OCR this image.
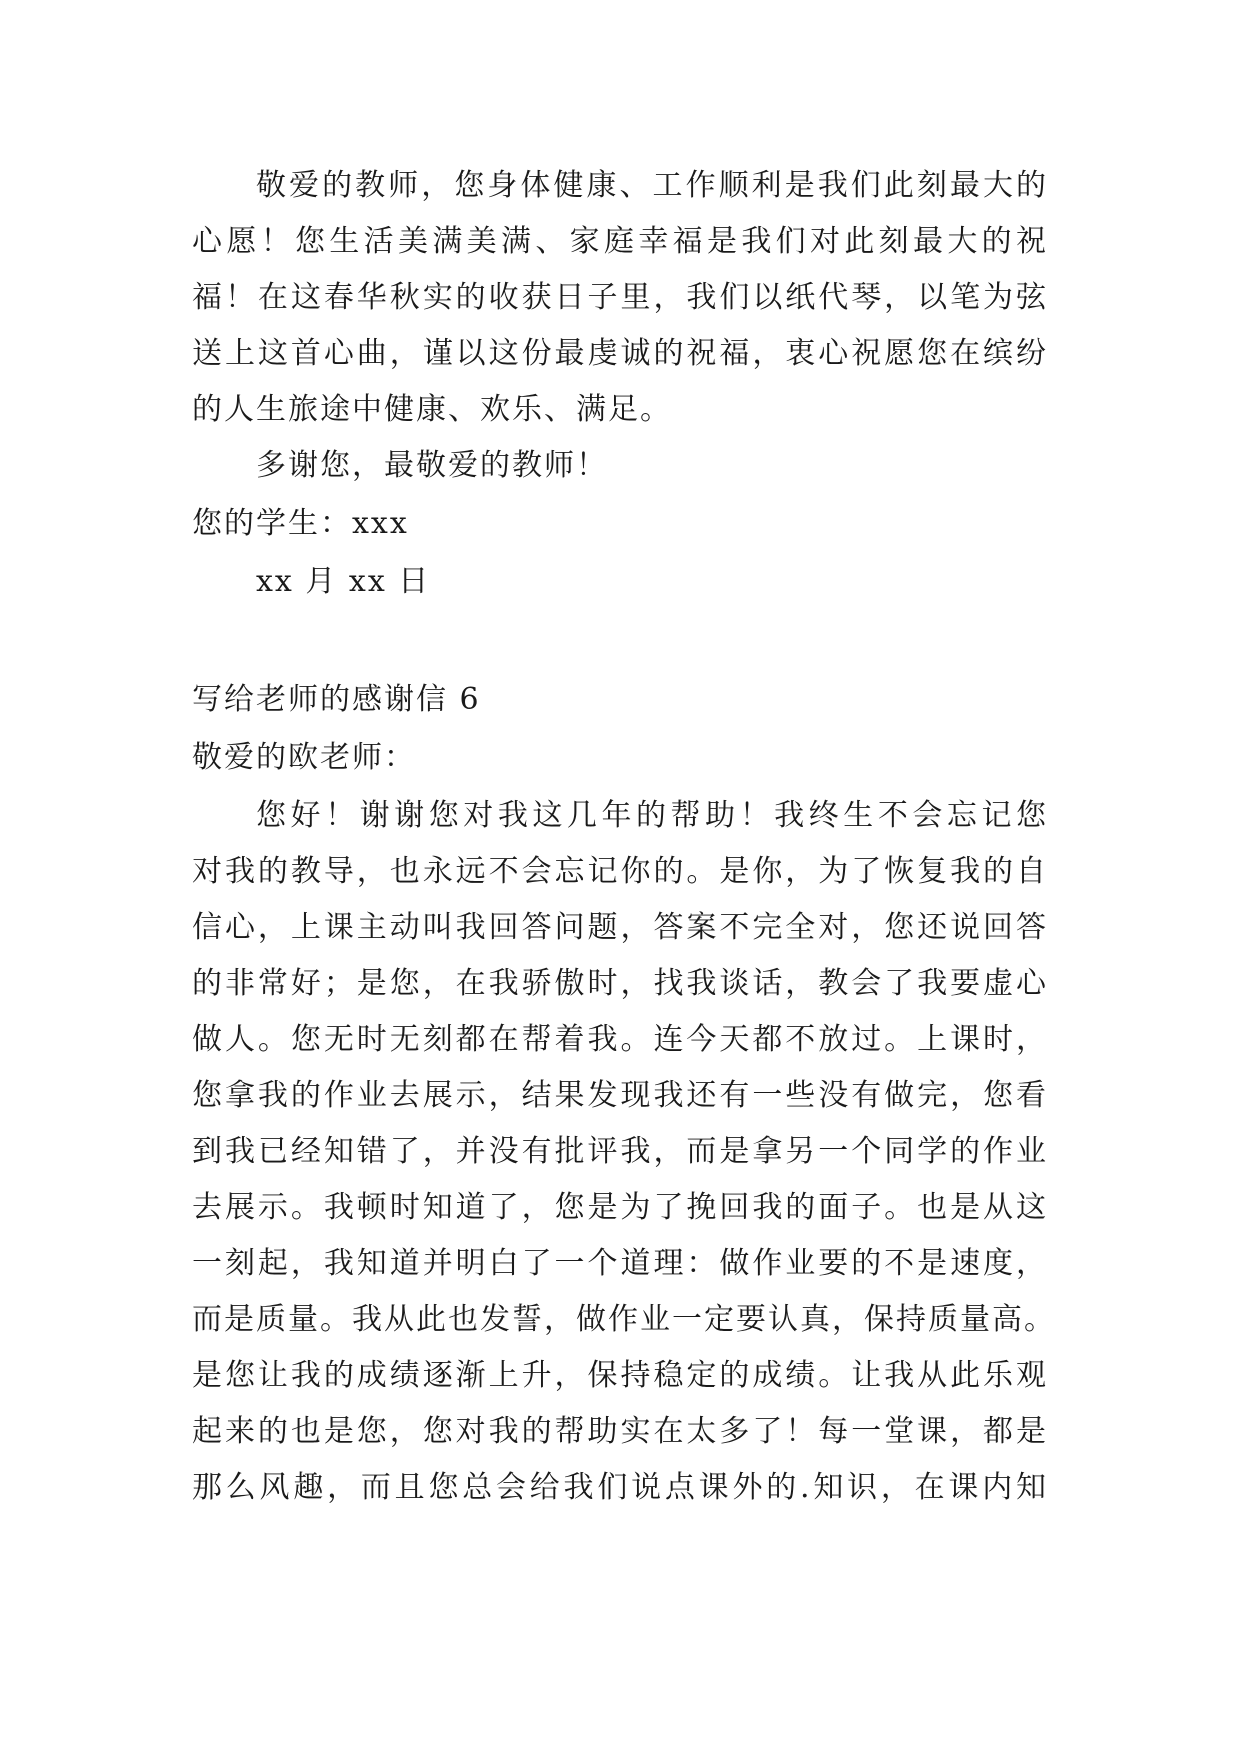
敬爱的教师，您身体健康、工作顺利是我们此刻最大的
心愿！您生活美满美满、家庭幸福是我们对此刻最大的祝
福！在这春华秋实的收获日子里，我们以纸代琴，以笔为弦
送上这首心曲，谨以这份最虔诚的祝福，衷心祝愿您在缤纷
的人生旅途中健康、欢乐、满足。
多谢您，最敬爱的教师！
您的学生：xxx
xx 月 xx 日
写给老师的感谢信 6
敬爱的欧老师：
您好！谢谢您对我这几年的帮助！我终生不会忘记您
对我的教导，也永远不会忘记你的。是你，为了恢复我的自
信心，上课主动叫我回答问题，答案不完全对，您还说回答
的非常好；是您，在我骄傲时，找我谈话，教会了我要虚心
做人。您无时无刻都在帮着我。连今天都不放过。上课时，
您拿我的作业去展示，结果发现我还有一些没有做完，您看
到我已经知错了，并没有批评我，而是拿另一个同学的作业
去展示。我顿时知道了，您是为了挽回我的面子。也是从这
一刻起，我知道并明白了一个道理：做作业要的不是速度，
而是质量。我从此也发誓，做作业一定要认真，保持质量高。
是您让我的成绩逐渐上升，保持稳定的成绩。让我从此乐观
起来的也是您，您对我的帮助实在太多了！每一堂课，都是
那么风趣，而且您总会给我们说点课外的.知识，在课内知
